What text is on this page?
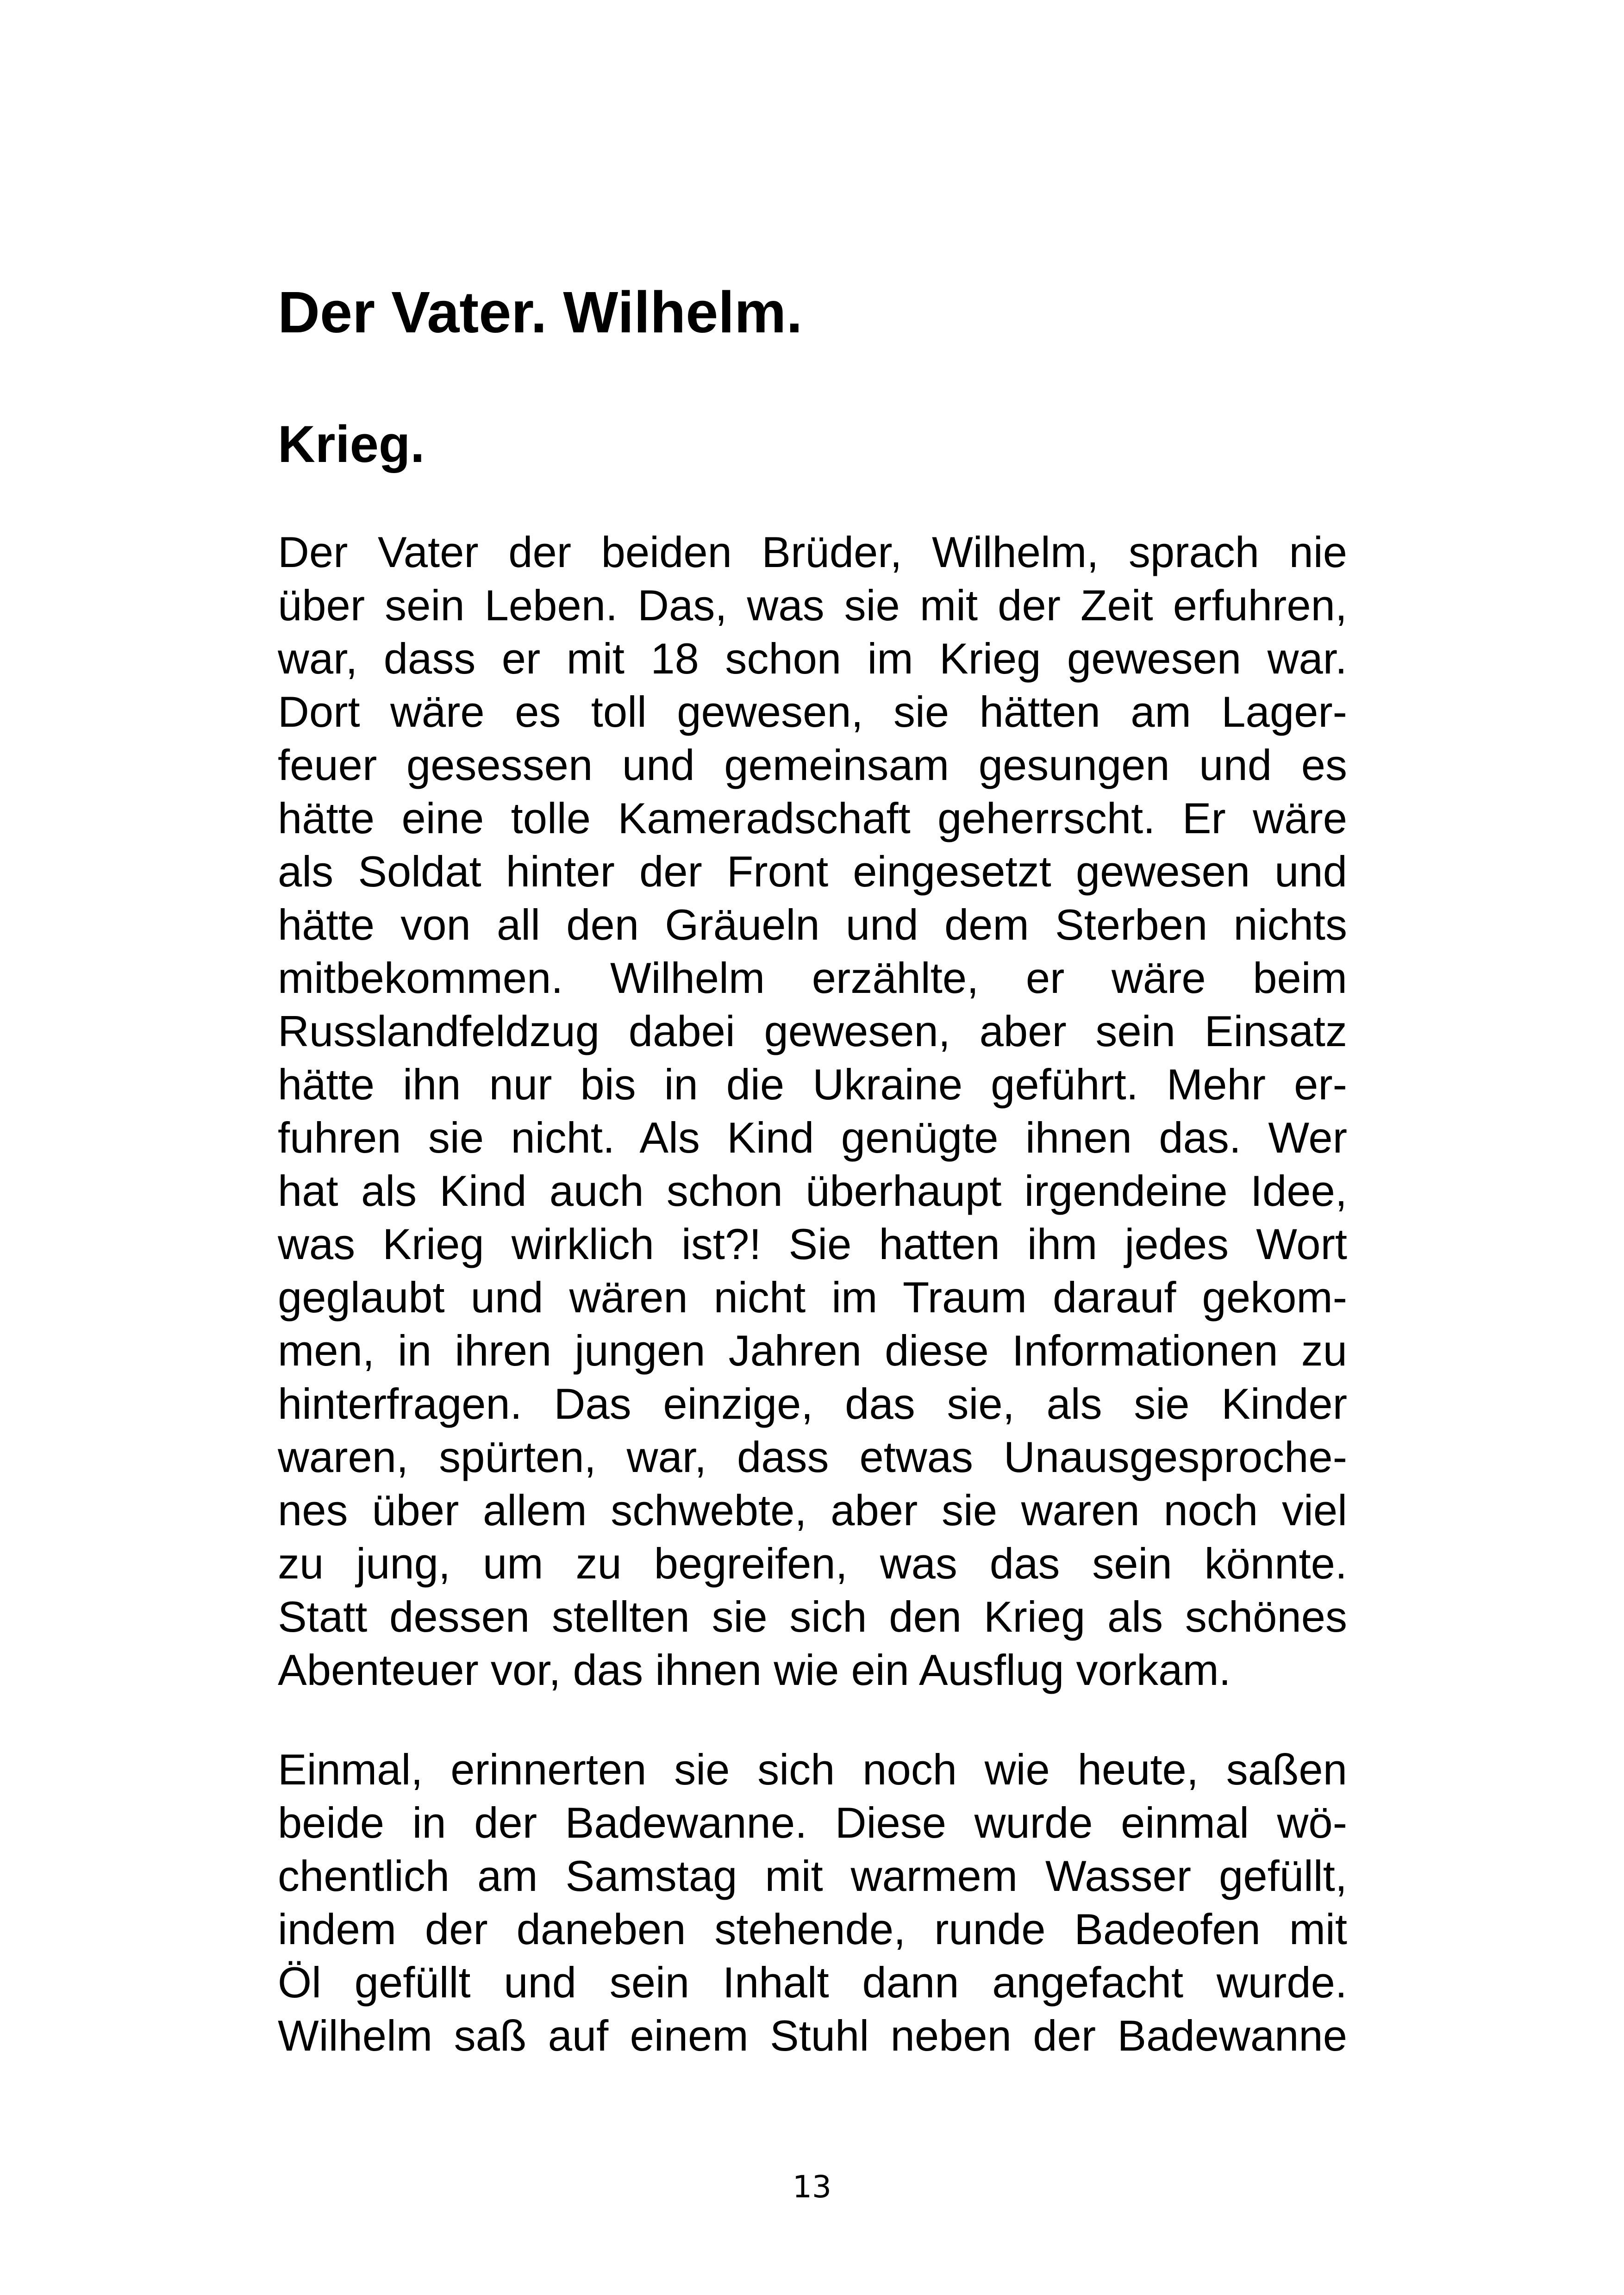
Der Vater. Wilhelm.
Krieg.

Der Vater der beiden Brüder, Wilhelm, sprach nie
über sein Leben. Das, was sie mit der Zeit erfuhren,
war, dass er mit 18 schon im Krieg gewesen war.
Dort wäre es toll gewesen, sie hätten am Lager-
feuer gesessen und gemeinsam gesungen und es
hätte eine tolle Kameradschaft geherrscht. Er wäre
als Soldat hinter der Front eingesetzt gewesen und
hätte von all den Gräueln und dem Sterben nichts
mitbekommen. Wilhelm erzählte, er wäre beim
Russlandfeldzug dabei gewesen, aber sein Einsatz
hätte ihn nur bis in die Ukraine geführt. Mehr er-
fuhren sie nicht. Als Kind genügte ihnen das. Wer
hat als Kind auch schon überhaupt irgendeine Idee,
was Krieg wirklich ist?! Sie hatten ihm jedes Wort
geglaubt und wären nicht im Traum darauf gekom-
men, in ihren jungen Jahren diese Informationen zu
hinterfragen. Das einzige, das sie, als sie Kinder
waren, spürten, war, dass etwas Unausgesproche-
nes über allem schwebte, aber sie waren noch viel
zu jung, um zu begreifen, was das sein könnte.
Statt dessen stellten sie sich den Krieg als schönes
Abenteuer vor, das ihnen wie ein Ausflug vorkam.

Einmal, erinnerten sie sich noch wie heute, saßen
beide in der Badewanne. Diese wurde einmal wö-
chentlich am Samstag mit warmem Wasser gefüllt,
indem der daneben stehende, runde Badeofen mit
Öl gefüllt und sein Inhalt dann angefacht wurde.
Wilhelm saß auf einem Stuhl neben der Badewanne

13
